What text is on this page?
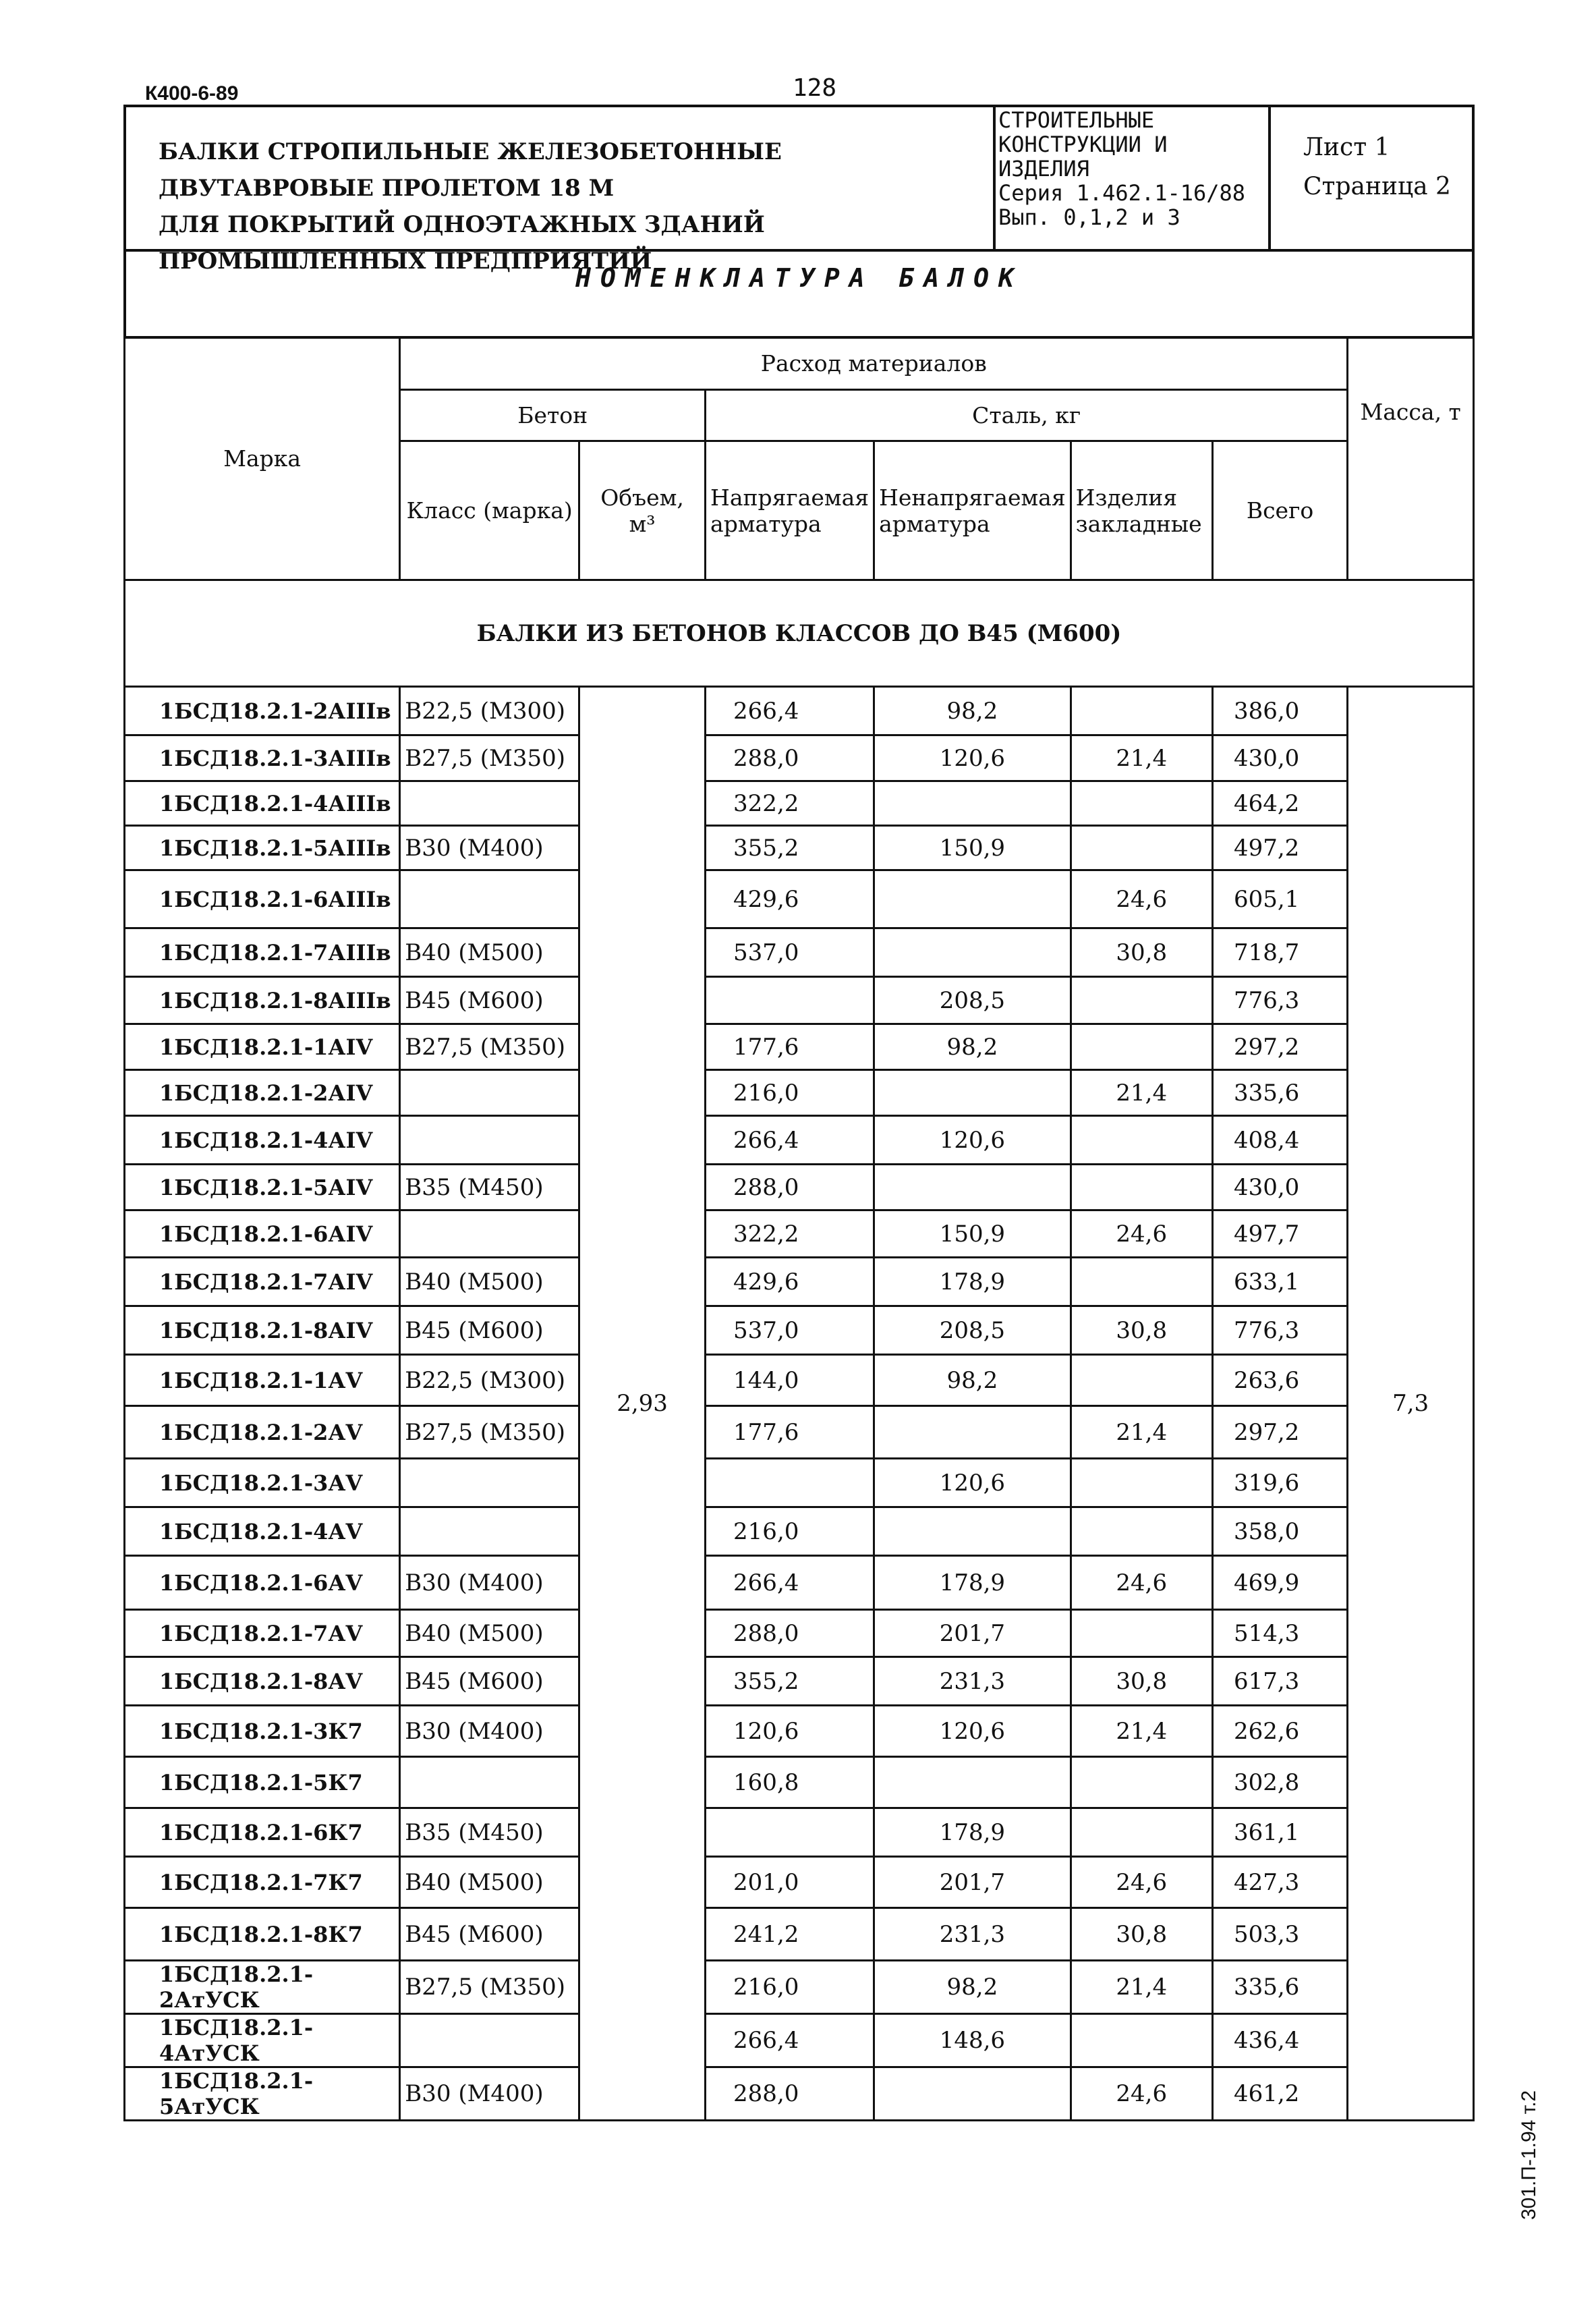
К400-6-89	128
301.П-1.94 т.2
БАЛКИ СТРОПИЛЬНЫЕ ЖЕЛЕЗОБЕТОННЫЕ ДВУТАВРОВЫЕ ПРОЛЕТОМ 18 М
ДЛЯ ПОКРЫТИЙ ОДНОЭТАЖНЫХ ЗДАНИЙ ПРОМЫШЛЕННЫХ ПРЕДПРИЯТИЙ
СТРОИТЕЛЬНЫЕ
КОНСТРУКЦИИ И
ИЗДЕЛИЯ
Серия 1.462.1-16/88
Вып. 0,1,2 и 3
Лист 1
Страница 2
НОМЕНКЛАТУРА БАЛОК
Марка	Расход материалов						Масса, т
	Бетон		Сталь, кг				
	Класс (марка)	Объем, м³	Напрягаемая арматура	Ненапрягаемая арматура	Изделия закладные	Всего	
БАЛКИ ИЗ БЕТОНОВ КЛАССОВ ДО В45 (М600)							
1БСД18.2.1-2АIIIв	В22,5 (М300)	2,93	266,4	98,2		386,0	7,3
1БСД18.2.1-3АIIIв	В27,5 (М350)		288,0	120,6	21,4	430,0	
1БСД18.2.1-4АIIIв			322,2			464,2	
1БСД18.2.1-5АIIIв	В30 (М400)		355,2	150,9		497,2	
1БСД18.2.1-6АIIIв			429,6		24,6	605,1	
1БСД18.2.1-7АIIIв	В40 (М500)		537,0		30,8	718,7	
1БСД18.2.1-8АIIIв	В45 (М600)			208,5		776,3	
1БСД18.2.1-1АIV	В27,5 (М350)		177,6	98,2		297,2	
1БСД18.2.1-2АIV			216,0		21,4	335,6	
1БСД18.2.1-4АIV			266,4	120,6		408,4	
1БСД18.2.1-5АIV	В35 (М450)		288,0			430,0	
1БСД18.2.1-6АIV			322,2	150,9	24,6	497,7	
1БСД18.2.1-7АIV	В40 (М500)		429,6	178,9		633,1	
1БСД18.2.1-8АIV	В45 (М600)		537,0	208,5	30,8	776,3	
1БСД18.2.1-1АV	В22,5 (М300)		144,0	98,2		263,6	
1БСД18.2.1-2АV	В27,5 (М350)		177,6		21,4	297,2	
1БСД18.2.1-3АV				120,6		319,6	
1БСД18.2.1-4АV			216,0			358,0	
1БСД18.2.1-6АV	В30 (М400)		266,4	178,9	24,6	469,9	
1БСД18.2.1-7АV	В40 (М500)		288,0	201,7		514,3	
1БСД18.2.1-8АV	В45 (М600)		355,2	231,3	30,8	617,3	
1БСД18.2.1-3К7	В30 (М400)		120,6	120,6	21,4	262,6	
1БСД18.2.1-5К7			160,8			302,8	
1БСД18.2.1-6К7	В35 (М450)			178,9		361,1	
1БСД18.2.1-7К7	В40 (М500)		201,0	201,7	24,6	427,3	
1БСД18.2.1-8К7	В45 (М600)		241,2	231,3	30,8	503,3	
1БСД18.2.1-2АтУСК	В27,5 (М350)		216,0	98,2	21,4	335,6	
1БСД18.2.1-4АтУСК			266,4	148,6		436,4	
1БСД18.2.1-5АтУСК	В30 (М400)		288,0		24,6	461,2	
